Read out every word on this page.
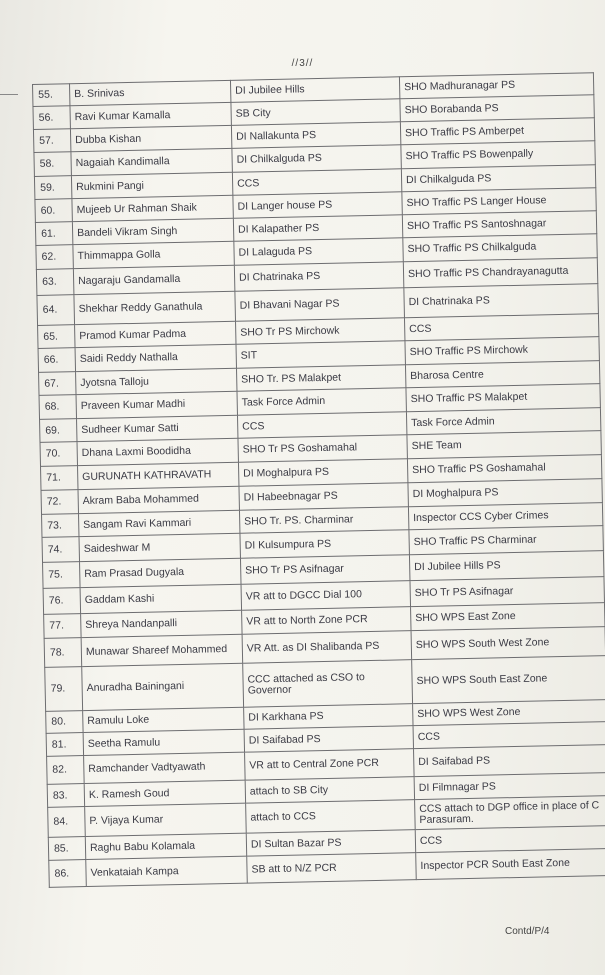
//3//
55.	B. Srinivas	DI Jubilee Hills	SHO Madhuranagar PS
56.	Ravi Kumar Kamalla	SB City	SHO Borabanda PS
57.	Dubba Kishan	DI Nallakunta PS	SHO Traffic PS Amberpet
58.	Nagaiah Kandimalla	DI Chilkalguda PS	SHO Traffic PS Bowenpally
59.	Rukmini Pangi	CCS	DI Chilkalguda PS
60.	Mujeeb Ur Rahman Shaik	DI Langer house PS	SHO Traffic PS Langer House
61.	Bandeli Vikram Singh	DI Kalapather PS	SHO Traffic PS Santoshnagar
62.	Thimmappa Golla	DI Lalaguda PS	SHO Traffic PS Chilkalguda
63.	Nagaraju Gandamalla	DI Chatrinaka PS	SHO Traffic PS Chandrayanagutta
64.	Shekhar Reddy Ganathula	DI Bhavani Nagar PS	DI Chatrinaka PS
65.	Pramod Kumar Padma	SHO Tr PS Mirchowk	CCS
66.	Saidi Reddy Nathalla	SIT	SHO Traffic PS Mirchowk
67.	Jyotsna Talloju	SHO Tr. PS Malakpet	Bharosa Centre
68.	Praveen Kumar Madhi	Task Force Admin	SHO Traffic PS Malakpet
69.	Sudheer Kumar Satti	CCS	Task Force Admin
70.	Dhana Laxmi Boodidha	SHO Tr PS Goshamahal	SHE Team
71.	GURUNATH KATHRAVATH	DI Moghalpura PS	SHO Traffic PS Goshamahal
72.	Akram Baba Mohammed	DI Habeebnagar PS	DI Moghalpura PS
73.	Sangam Ravi Kammari	SHO Tr. PS. Charminar	Inspector CCS Cyber Crimes
74.	Saideshwar M	DI Kulsumpura PS	SHO Traffic PS Charminar
75.	Ram Prasad Dugyala	SHO Tr PS Asifnagar	DI Jubilee Hills PS
76.	Gaddam Kashi	VR att to DGCC Dial 100	SHO Tr PS Asifnagar
77.	Shreya Nandanpalli	VR att to North Zone PCR	SHO WPS East Zone
78.	Munawar Shareef Mohammed	VR Att. as DI Shalibanda PS	SHO WPS South West Zone
79.	Anuradha Bainingani	CCC attached as CSO to Governor	SHO WPS South East Zone
80.	Ramulu Loke	DI Karkhana PS	SHO WPS West Zone
81.	Seetha Ramulu	DI Saifabad PS	CCS
82.	Ramchander Vadtyawath	VR att to Central Zone PCR	DI Saifabad PS
83.	K. Ramesh Goud	attach to SB City	DI Filmnagar PS
84.	P. Vijaya Kumar	attach to CCS	CCS attach to DGP office in place of C Parasuram.
85.	Raghu Babu Kolamala	DI Sultan Bazar PS	CCS
86.	Venkataiah Kampa	SB att to N/Z PCR	Inspector PCR South East Zone
Contd/P/4
